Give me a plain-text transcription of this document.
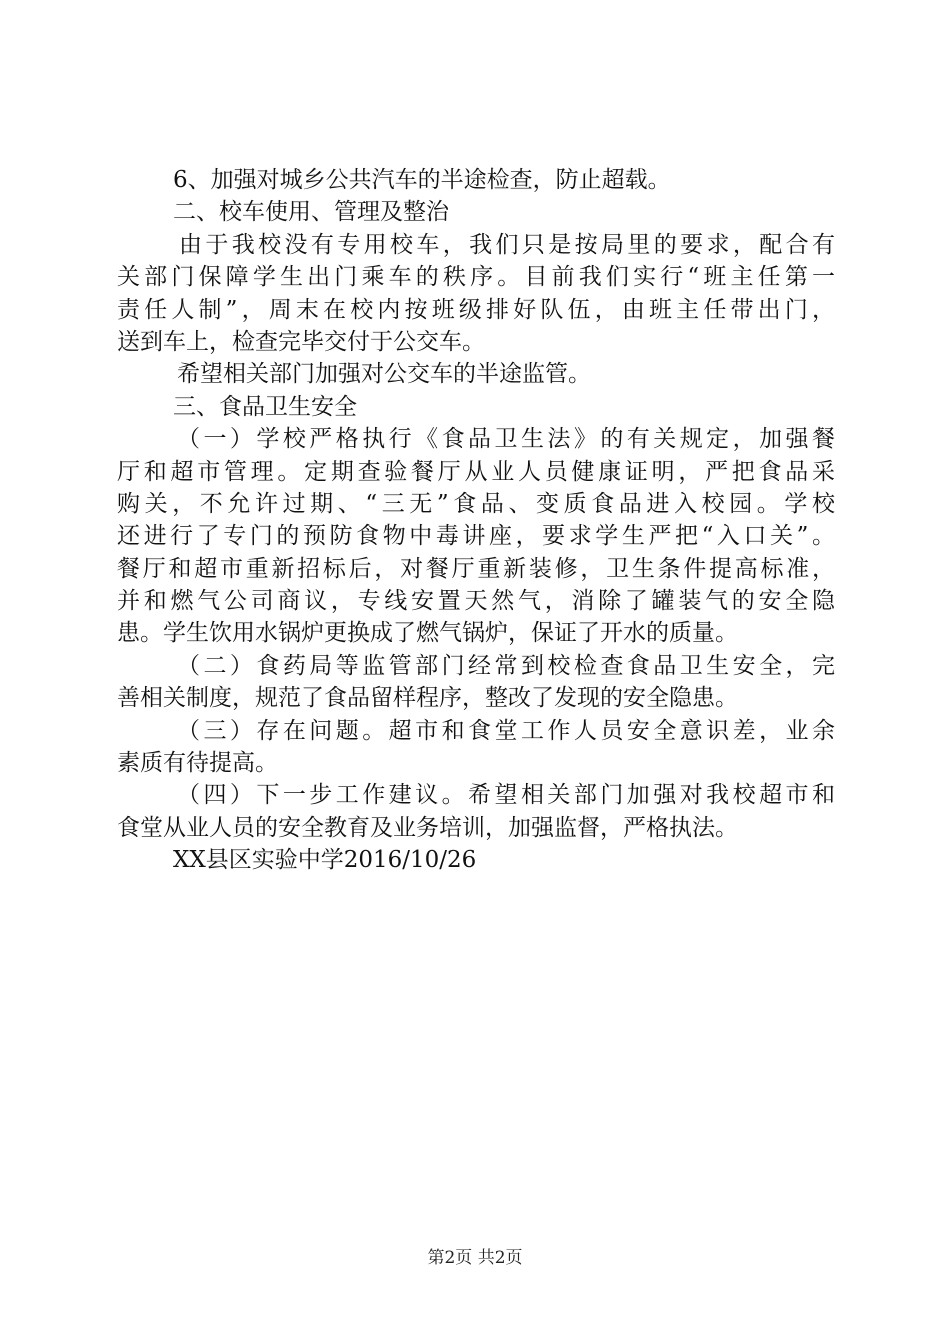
6、加强对城乡公共汽车的半途检查，防止超载。
二、校车使用、管理及整治
由于我校没有专用校车，我们只是按局里的要求，配合有
关部门保障学生出门乘车的秩序。目前我们实行“班主任第一
责任人制”，周末在校内按班级排好队伍，由班主任带出门，
送到车上，检查完毕交付于公交车。
希望相关部门加强对公交车的半途监管。
三、食品卫生安全
（一）学校严格执行《食品卫生法》的有关规定，加强餐
厅和超市管理。定期查验餐厅从业人员健康证明，严把食品采
购关，不允许过期、“三无”食品、变质食品进入校园。学校
还进行了专门的预防食物中毒讲座，要求学生严把“入口关”。
餐厅和超市重新招标后，对餐厅重新装修，卫生条件提高标准，
并和燃气公司商议，专线安置天然气，消除了罐装气的安全隐
患。学生饮用水锅炉更换成了燃气锅炉，保证了开水的质量。
（二）食药局等监管部门经常到校检查食品卫生安全，完
善相关制度，规范了食品留样程序，整改了发现的安全隐患。
（三）存在问题。超市和食堂工作人员安全意识差，业余
素质有待提高。
（四）下一步工作建议。希望相关部门加强对我校超市和
食堂从业人员的安全教育及业务培训，加强监督，严格执法。
XX县区实验中学2016/10/26
第2页 共2页
